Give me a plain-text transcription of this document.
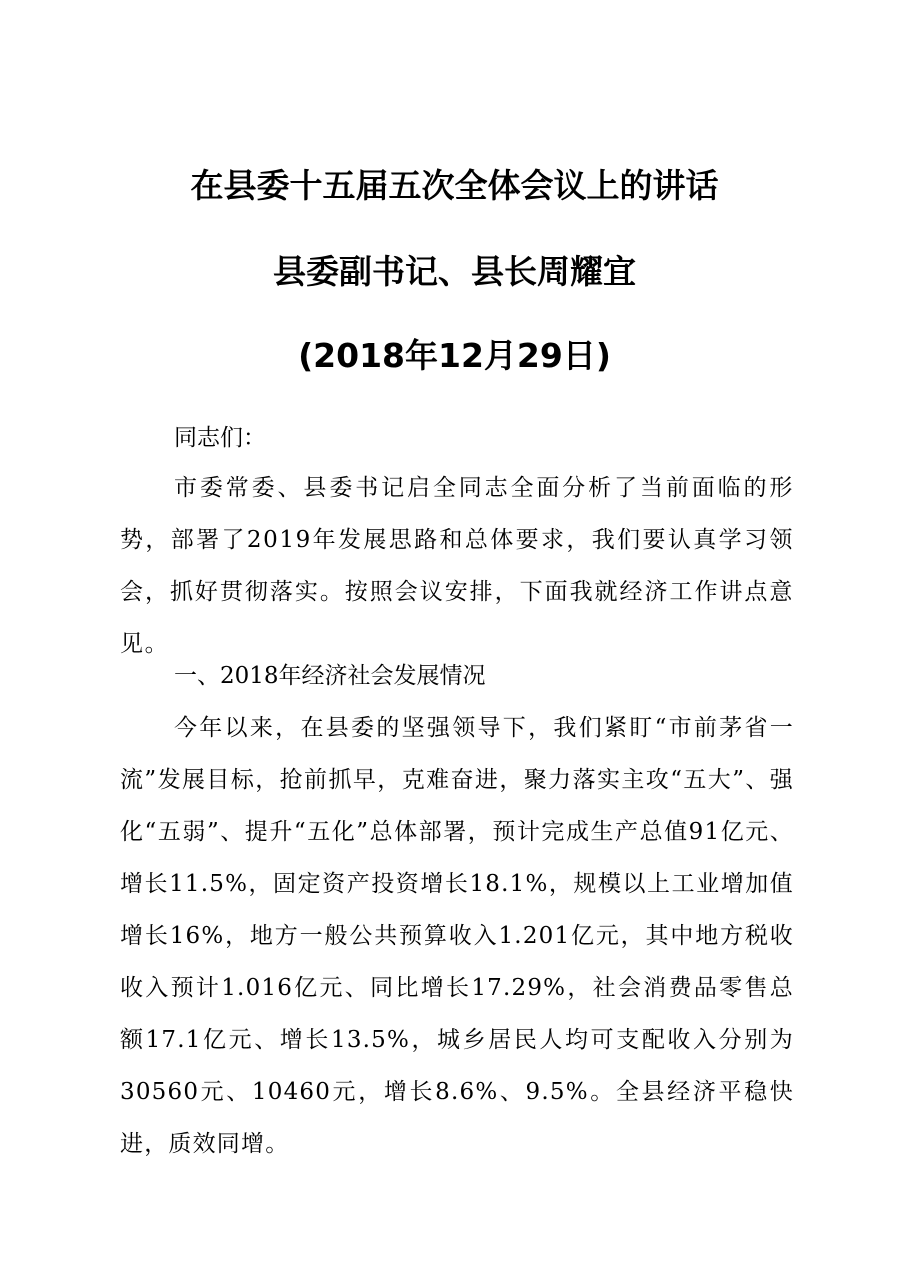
在县委十五届五次全体会议上的讲话
县委副书记、县长周耀宜
(2018年12月29日)

同志们：

市委常委、县委书记启全同志全面分析了当前面临的形势，部署了2019年发展思路和总体要求，我们要认真学习领会，抓好贯彻落实。按照会议安排，下面我就经济工作讲点意见。

一、2018年经济社会发展情况

今年以来，在县委的坚强领导下，我们紧盯“市前茅省一流”发展目标，抢前抓早，克难奋进，聚力落实主攻“五大”、强化“五弱”、提升“五化”总体部署，预计完成生产总值91亿元、增长11.5%，固定资产投资增长18.1%，规模以上工业增加值增长16%，地方一般公共预算收入1.201亿元，其中地方税收收入预计1.016亿元、同比增长17.29%，社会消费品零售总额17.1亿元、增长13.5%，城乡居民人均可支配收入分别为30560元、10460元，增长8.6%、9.5%。全县经济平稳快进，质效同增。
